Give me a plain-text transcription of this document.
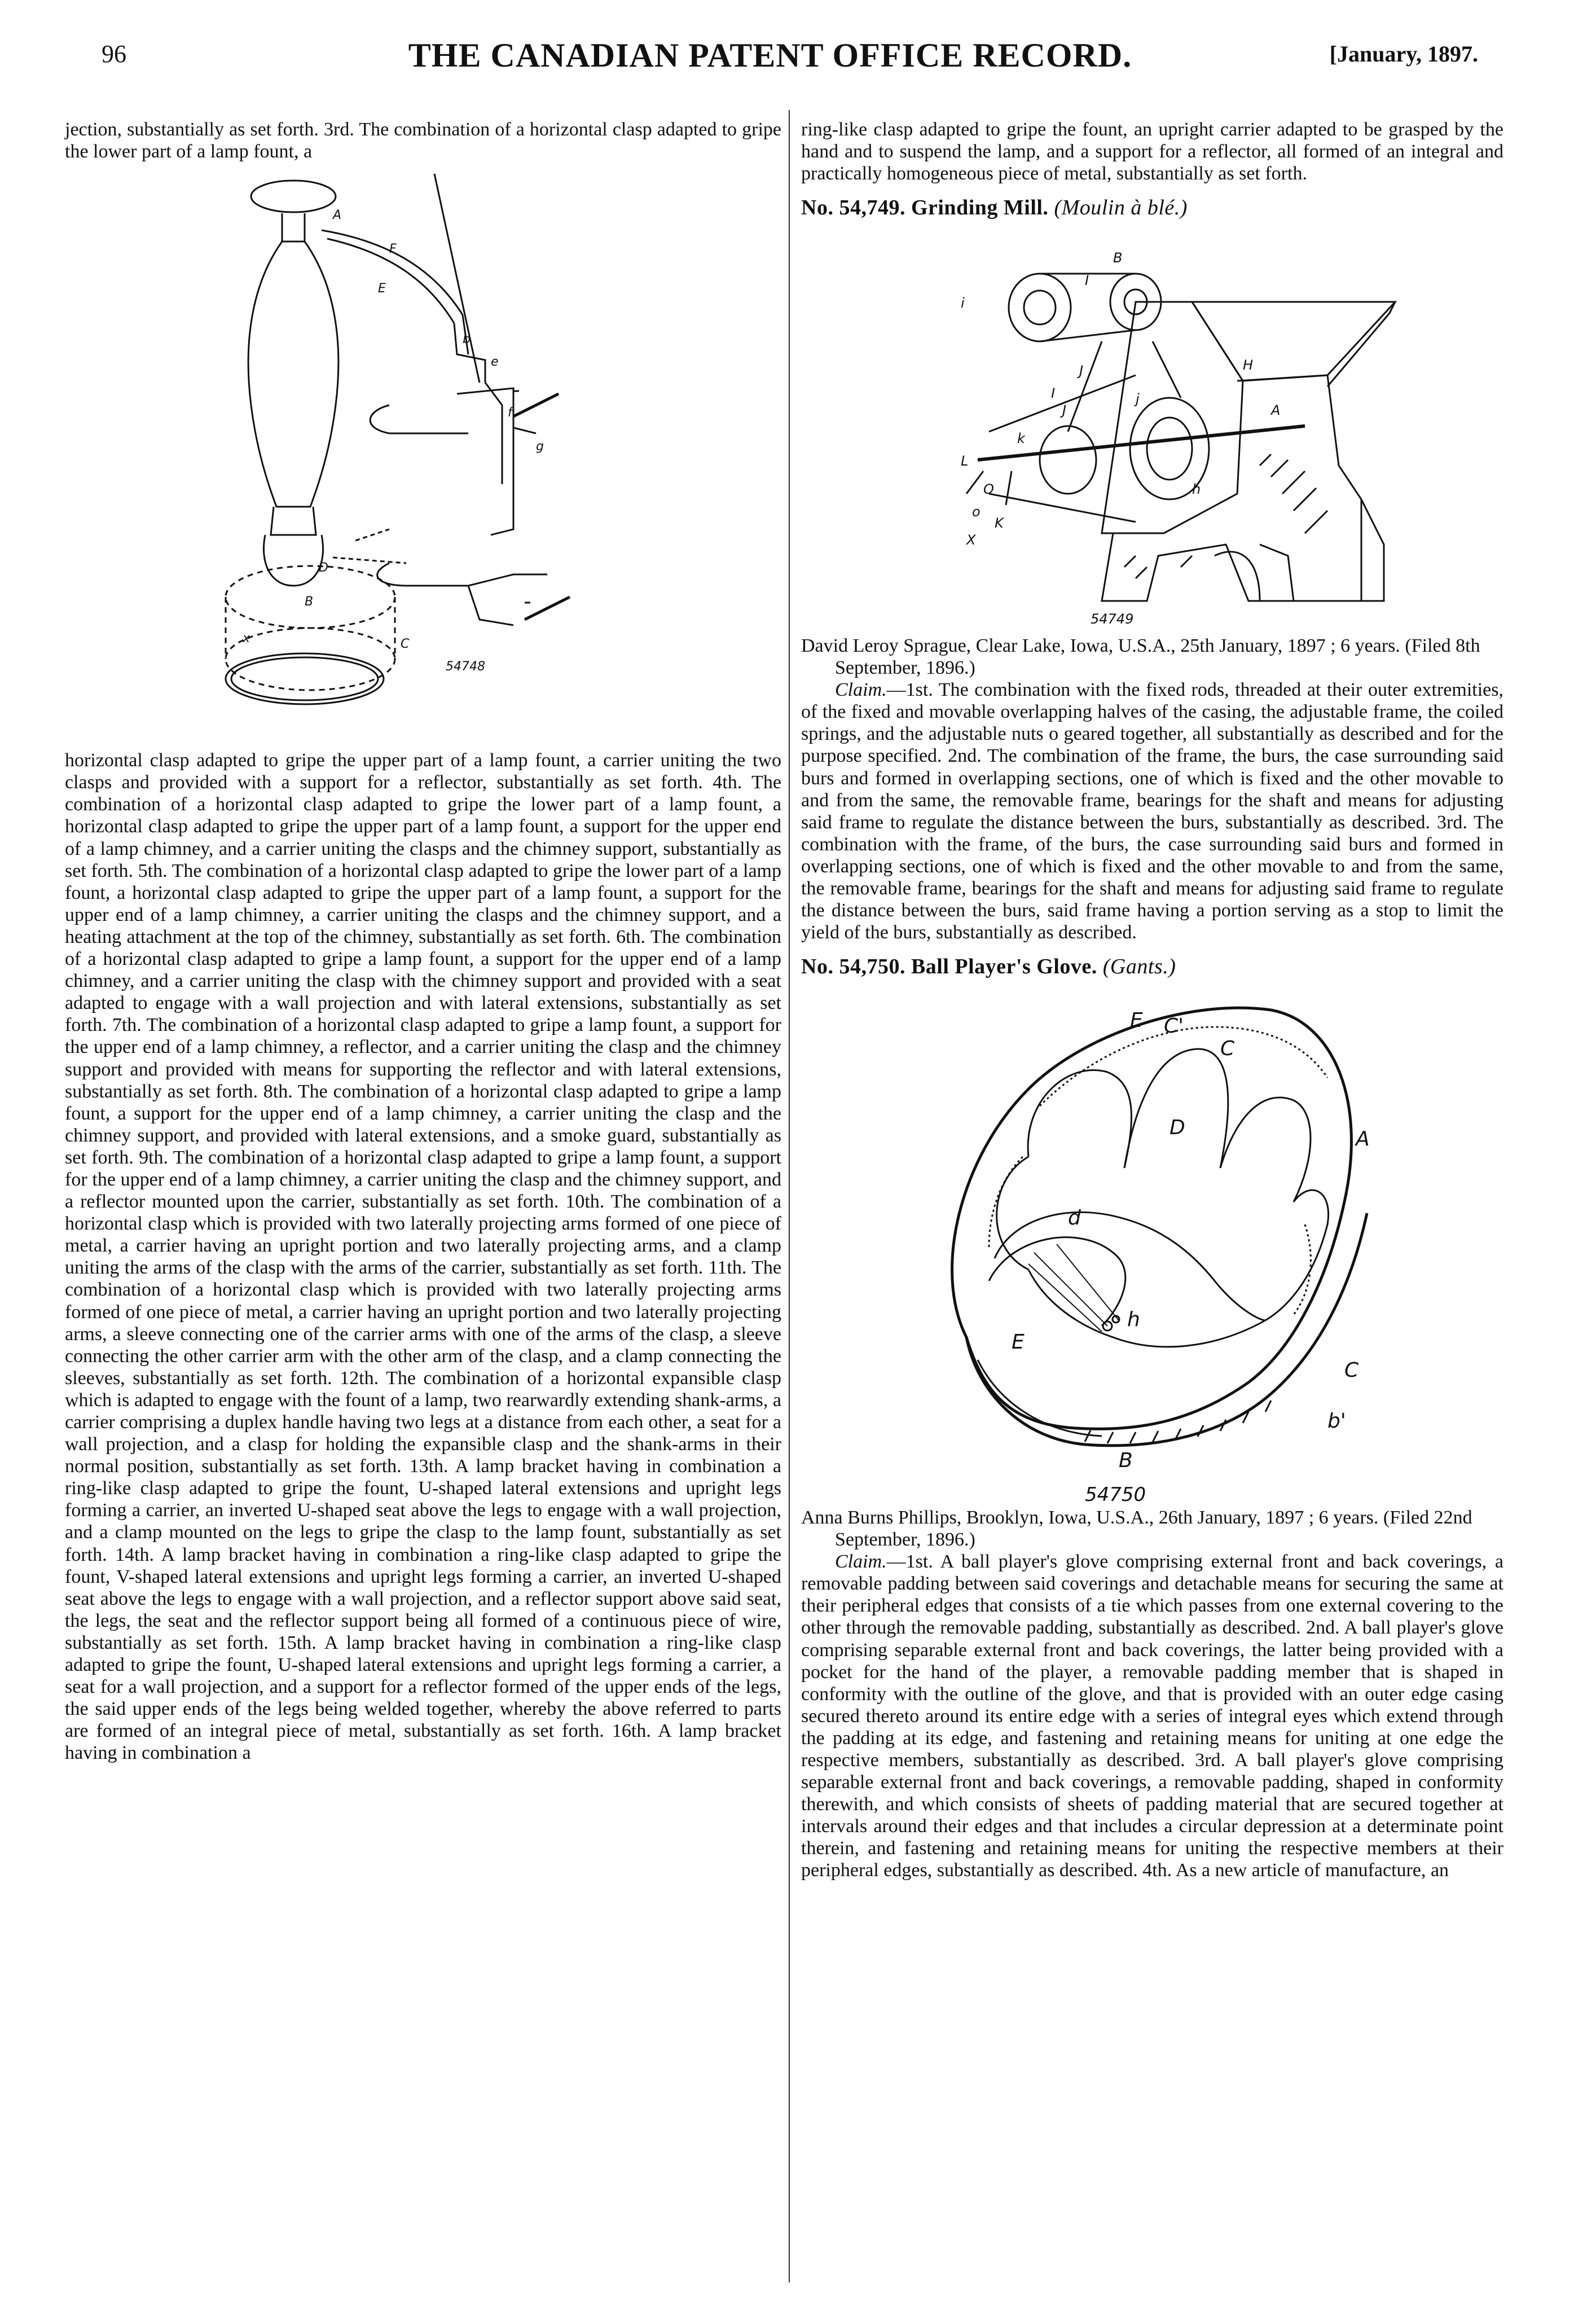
96	THE CANADIAN PATENT OFFICE RECORD.	[January, 1897.

jection, substantially as set forth. 3rd. The combination of a horizontal clasp adapted to gripe the lower part of a lamp fount, a

A
F
E
b
e
f
g
B
D
C
x
54748

horizontal clasp adapted to gripe the upper part of a lamp fount, a carrier uniting the two clasps and provided with a support for a reflector, substantially as set forth. 4th. The combination of a horizontal clasp adapted to gripe the lower part of a lamp fount, a horizontal clasp adapted to gripe the upper part of a lamp fount, a support for the upper end of a lamp chimney, and a carrier uniting the clasps and the chimney support, substantially as set forth. 5th. The combination of a horizontal clasp adapted to gripe the lower part of a lamp fount, a horizontal clasp adapted to gripe the upper part of a lamp fount, a support for the upper end of a lamp chimney, a carrier uniting the clasps and the chimney support, and a heating attachment at the top of the chimney, substantially as set forth. 6th. The combination of a horizontal clasp adapted to gripe a lamp fount, a support for the upper end of a lamp chimney, and a carrier uniting the clasp with the chimney support and provided with a seat adapted to engage with a wall projection and with lateral extensions, substantially as set forth. 7th. The combination of a horizontal clasp adapted to gripe a lamp fount, a support for the upper end of a lamp chimney, a reflector, and a carrier uniting the clasp and the chimney support and provided with means for supporting the reflector and with lateral extensions, substantially as set forth. 8th. The combination of a horizontal clasp adapted to gripe a lamp fount, a support for the upper end of a lamp chimney, a carrier uniting the clasp and the chimney support, and provided with lateral extensions, and a smoke guard, substantially as set forth. 9th. The combination of a horizontal clasp adapted to gripe a lamp fount, a support for the upper end of a lamp chimney, a carrier uniting the clasp and the chimney support, and a reflector mounted upon the carrier, substantially as set forth. 10th. The combination of a horizontal clasp which is provided with two laterally projecting arms formed of one piece of metal, a carrier having an upright portion and two laterally projecting arms, and a clamp uniting the arms of the clasp with the arms of the carrier, substantially as set forth. 11th. The combination of a horizontal clasp which is provided with two laterally projecting arms formed of one piece of metal, a carrier having an upright portion and two laterally projecting arms, a sleeve connecting one of the carrier arms with one of the arms of the clasp, a sleeve connecting the other carrier arm with the other arm of the clasp, and a clamp connecting the sleeves, substantially as set forth. 12th. The combination of a horizontal expansible clasp which is adapted to engage with the fount of a lamp, two rearwardly extending shank-arms, a carrier comprising a duplex handle having two legs at a distance from each other, a seat for a wall projection, and a clasp for holding the expansible clasp and the shank-arms in their normal position, substantially as set forth. 13th. A lamp bracket having in combination a ring-like clasp adapted to gripe the fount, U-shaped lateral extensions and upright legs forming a carrier, an inverted U-shaped seat above the legs to engage with a wall projection, and a clamp mounted on the legs to gripe the clasp to the lamp fount, substantially as set forth. 14th. A lamp bracket having in combination a ring-like clasp adapted to gripe the fount, V-shaped lateral extensions and upright legs forming a carrier, an inverted U-shaped seat above the legs to engage with a wall projection, and a reflector support above said seat, the legs, the seat and the reflector support being all formed of a continuous piece of wire, substantially as set forth. 15th. A lamp bracket having in combination a ring-like clasp adapted to gripe the fount, U-shaped lateral extensions and upright legs forming a carrier, a seat for a wall projection, and a support for a reflector formed of the upper ends of the legs, the said upper ends of the legs being welded together, whereby the above referred to parts are formed of an integral piece of metal, substantially as set forth. 16th. A lamp bracket having in combination a

ring-like clasp adapted to gripe the fount, an upright carrier adapted to be grasped by the hand and to suspend the lamp, and a support for a reflector, all formed of an integral and practically homogeneous piece of metal, substantially as set forth.

No. 54,749. Grinding Mill. (Moulin à blé.)
B
I
i
J
I
J	A
H
L
O
o
K
X
k
j
h
54749

David Leroy Sprague, Clear Lake, Iowa, U.S.A., 25th January, 1897 ; 6 years. (Filed 8th September, 1896.)

Claim.—1st. The combination with the fixed rods, threaded at their outer extremities, of the fixed and movable overlapping halves of the casing, the adjustable frame, the coiled springs, and the adjustable nuts o geared together, all substantially as described and for the purpose specified. 2nd. The combination of the frame, the burs, the case surrounding said burs and formed in overlapping sections, one of which is fixed and the other movable to and from the same, the removable frame, bearings for the shaft and means for adjusting said frame to regulate the distance between the burs, substantially as described. 3rd. The combination with the frame, of the burs, the case surrounding said burs and formed in overlapping sections, one of which is fixed and the other movable to and from the same, the removable frame, bearings for the shaft and means for adjusting said frame to regulate the distance between the burs, said frame having a portion serving as a stop to limit the yield of the burs, substantially as described.

No. 54,750. Ball Player's Glove. (Gants.)
E C'
C
D	A
d
E
h
C
b'
B
54750

Anna Burns Phillips, Brooklyn, Iowa, U.S.A., 26th January, 1897 ; 6 years. (Filed 22nd September, 1896.)

Claim.—1st. A ball player's glove comprising external front and back coverings, a removable padding between said coverings and detachable means for securing the same at their peripheral edges that consists of a tie which passes from one external covering to the other through the removable padding, substantially as described. 2nd. A ball player's glove comprising separable external front and back coverings, the latter being provided with a pocket for the hand of the player, a removable padding member that is shaped in conformity with the outline of the glove, and that is provided with an outer edge casing secured thereto around its entire edge with a series of integral eyes which extend through the padding at its edge, and fastening and retaining means for uniting at one edge the respective members, substantially as described. 3rd. A ball player's glove comprising separable external front and back coverings, a removable padding, shaped in conformity therewith, and which consists of sheets of padding material that are secured together at intervals around their edges and that includes a circular depression at a determinate point therein, and fastening and retaining means for uniting the respective members at their peripheral edges, substantially as described. 4th. As a new article of manufacture, an
